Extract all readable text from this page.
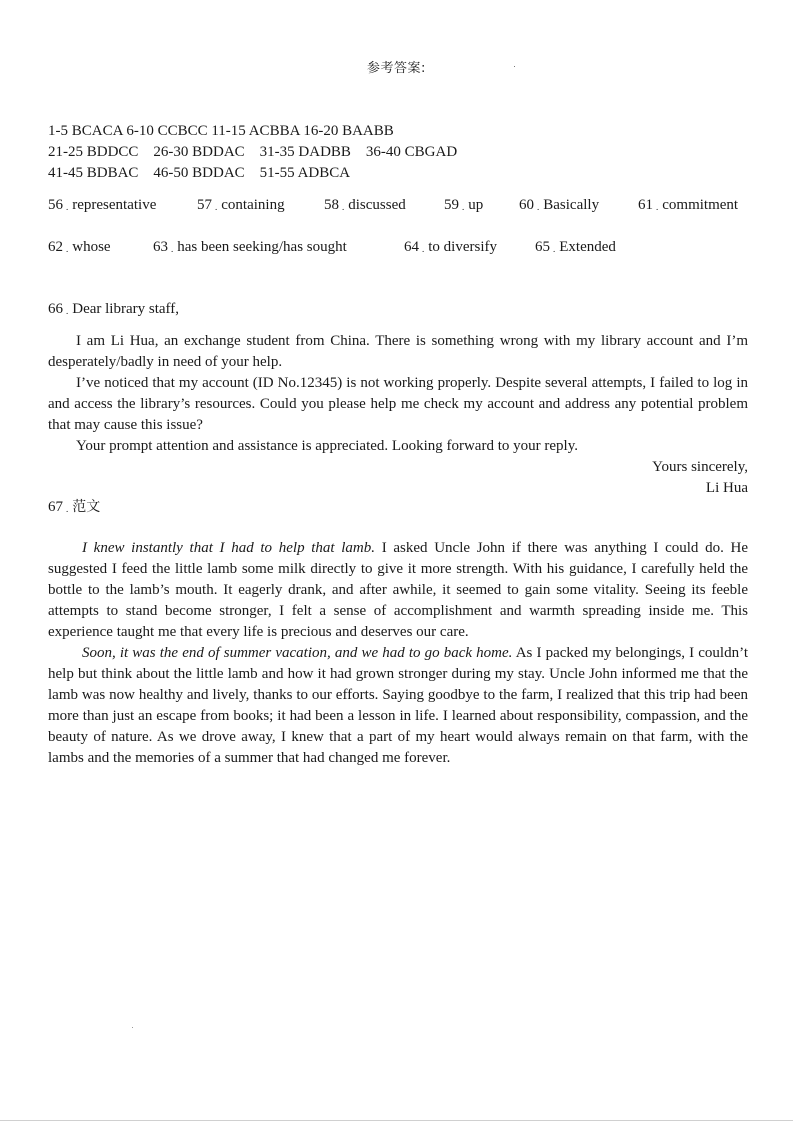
参考答案:
1-5 BCACA 6-10 CCBCC 11-15 ACBBA 16-20 BAABB
21-25 BDDCC    26-30 BDDAC    31-35 DADBB    36-40 CBGAD
41-45 BDBAC    46-50 BDDAC    51-55 ADBCA
56 . representative	57 . containing	58 . discussed	59 . up	60 . Basically	61 . commitment
62 . whose	63 . has been seeking/has sought	64 . to diversify	65 . Extended

66 . Dear library staff,

I am Li Hua, an exchange student from China. There is something wrong with my library account and I’m desperately/badly in need of your help.

I’ve noticed that my account (ID No.12345) is not working properly. Despite several attempts, I failed to log in and access the library’s resources. Could you please help me check my account and address any potential problem that may cause this issue?

Your prompt attention and assistance is appreciated. Looking forward to your reply.

Yours sincerely,

Li Hua

67 . 范文

I knew instantly that I had to help that lamb. I asked Uncle John if there was anything I could do. He suggested I feed the little lamb some milk directly to give it more strength. With his guidance, I carefully held the bottle to the lamb’s mouth. It eagerly drank, and after awhile, it seemed to gain some vitality. Seeing its feeble attempts to stand become stronger, I felt a sense of accomplishment and warmth spreading inside me. This experience taught me that every life is precious and deserves our care.

Soon, it was the end of summer vacation, and we had to go back home. As I packed my belongings, I couldn’t help but think about the little lamb and how it had grown stronger during my stay. Uncle John informed me that the lamb was now healthy and lively, thanks to our efforts. Saying goodbye to the farm, I realized that this trip had been more than just an escape from books; it had been a lesson in life. I learned about responsibility, compassion, and the beauty of nature. As we drove away, I knew that a part of my heart would always remain on that farm, with the lambs and the memories of a summer that had changed me forever.
